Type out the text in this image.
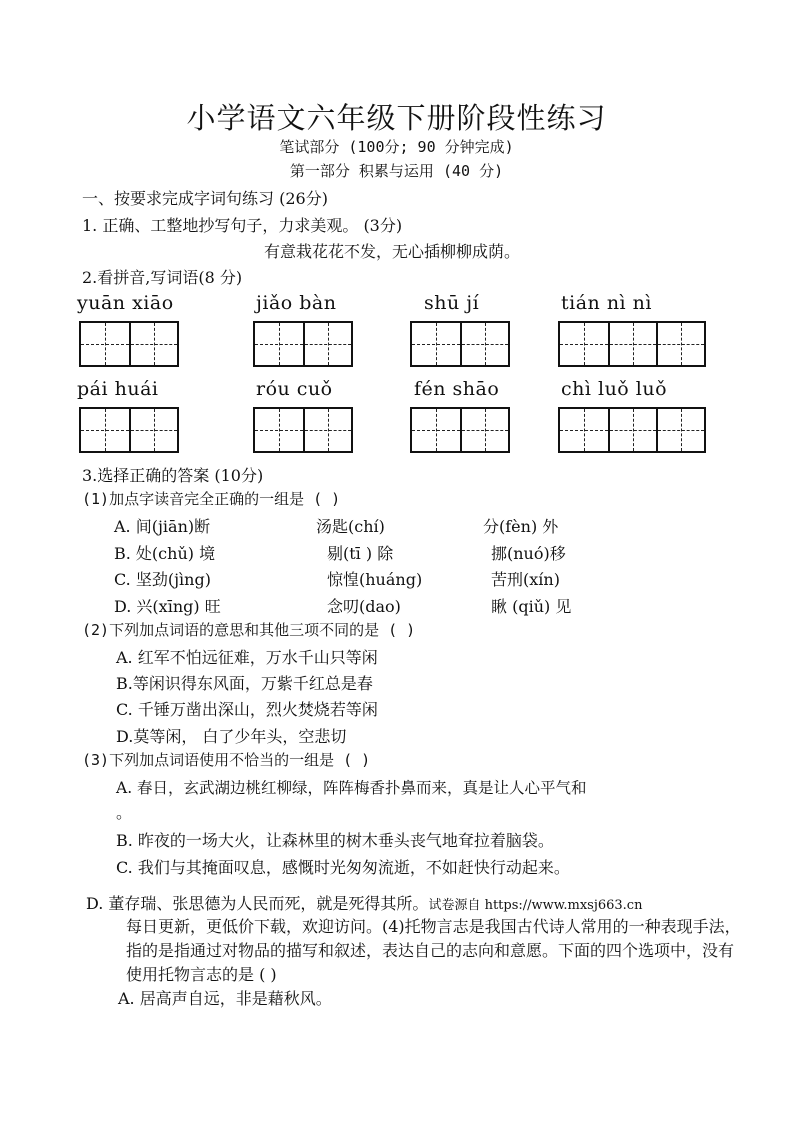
小学语文六年级下册阶段性练习
笔试部分 (100分; 90 分钟完成)
第一部分 积累与运用 (40 分)
一、按要求完成字词句练习 (26分)
1. 正确、工整地抄写句子，力求美观。 (3分)
有意栽花花不发，无心插柳柳成荫。
2.看拼音,写词语(8 分)
yuān xiāo	jiǎo bàn	shū jí	tián nì nì
pái huái	róu cuǒ	fén shāo	chì luǒ luǒ
3.选择正确的答案 (10分)
(1)加点字读音完全正确的一组是 ( )
A. 间(jiān)断	汤匙(chí)	分(fèn) 外
B. 处(chǔ) 境	剔(tī ) 除	挪(nuó)移
C. 坚劲(jìng)	惊惶(huáng)	苦刑(xín)
D. 兴(xīng) 旺	念叨(dao)	瞅 (qiǔ) 见
(2)下列加点词语的意思和其他三项不同的是 ( )
A. 红军不怕远征难，万水千山只等闲
B.等闲识得东风面，万紫千红总是春
C. 千锤万凿出深山，烈火焚烧若等闲
D.莫等闲， 白了少年头，空悲切
(3)下列加点词语使用不恰当的一组是 ( )
A. 春日，玄武湖边桃红柳绿，阵阵梅香扑鼻而来，真是让人心平气和
。
B. 昨夜的一场大火，让森林里的树木垂头丧气地耷拉着脑袋。
C. 我们与其掩面叹息，感慨时光匆匆流逝，不如赶快行动起来。
D. 董存瑞、张思德为人民而死，就是死得其所。试卷源自 https://www.mxsj663.cn
每日更新，更低价下载，欢迎访问。(4)托物言志是我国古代诗人常用的一种表现手法，
指的是指通过对物品的描写和叙述，表达自己的志向和意愿。下面的四个选项中，没有
使用托物言志的是 ( )
A. 居高声自远，非是藉秋风。
